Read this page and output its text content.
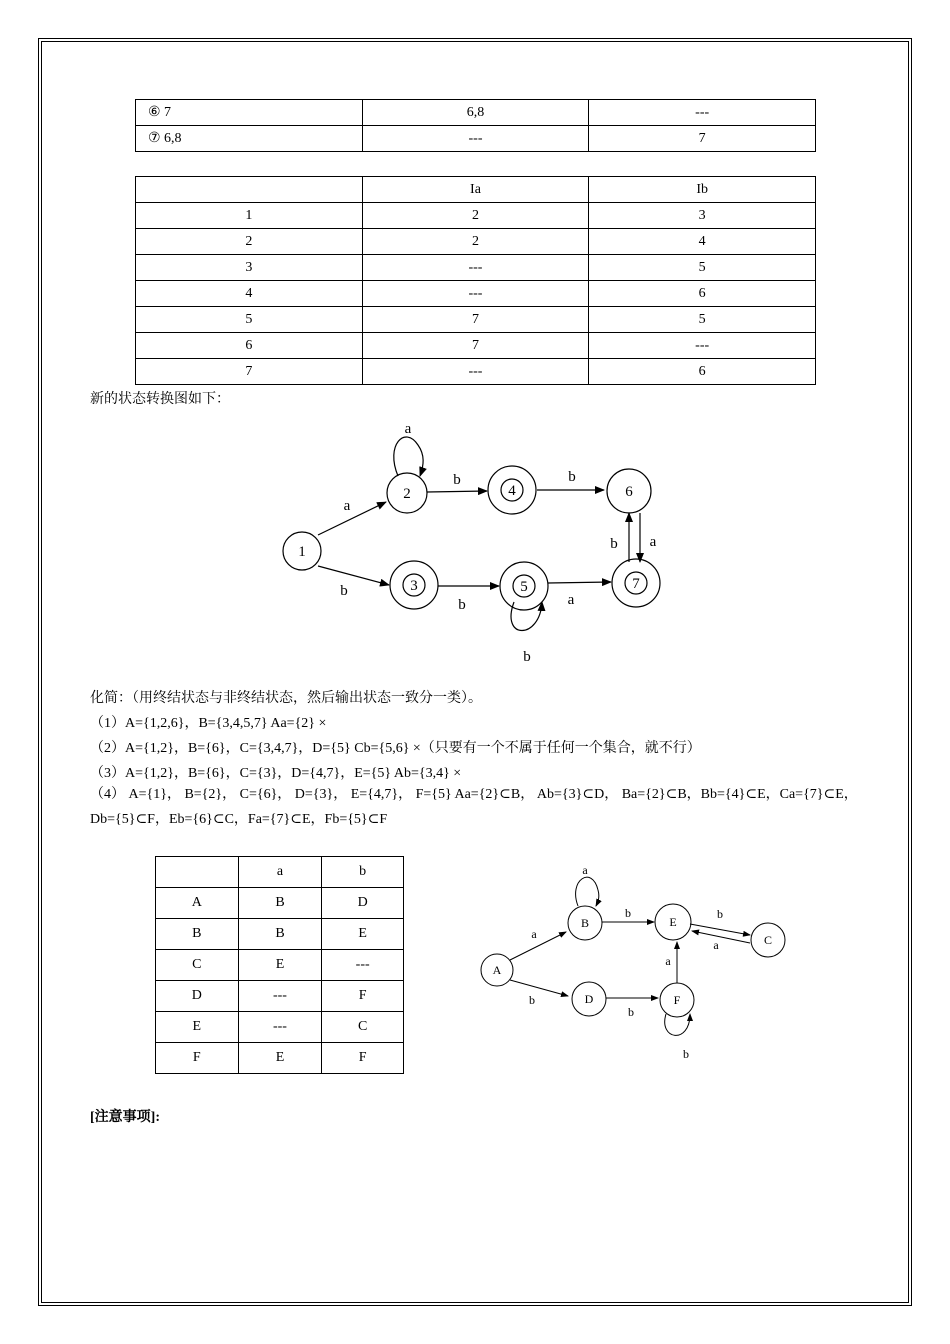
⑥ 7	6,8	---
⑦ 6,8	---	7
	Ia	Ib
1	2	3
2	2	4
3	---	5
4	---	6
5	7	5
6	7	---
7	---	6
新的状态转换图如下：
1
2
3
4
5
6
7
a
a
b
b	b
b	a
b
b a
化简：（用终结状态与非终结状态，然后输出状态一致分一类）。
（1）A={1,2,6}，B={3,4,5,7} Aa={2} ×
（2）A={1,2}，B={6}，C={3,4,7}，D={5} Cb={5,6} ×（只要有一个不属于任何一个集合，就不行）
（3）A={1,2}，B={6}，C={3}，D={4,7}，E={5} Ab={3,4} ×
（4） A={1}， B={2}， C={6}， D={3}， E={4,7}， F={5} Aa={2}⊂B， Ab={3}⊂D， Ba={2}⊂B，Bb={4}⊂E，Ca={7}⊂E，Db={5}⊂F，Eb={6}⊂C，Fa={7}⊂E，Fb={5}⊂F
	a	b
A	B	D
B	B	E
C	E	---
D	---	F
E	---	C
F	E	F
A
B
C
D
E
F
a
a
b
b	b
a
b
a
b
[注意事项]:
